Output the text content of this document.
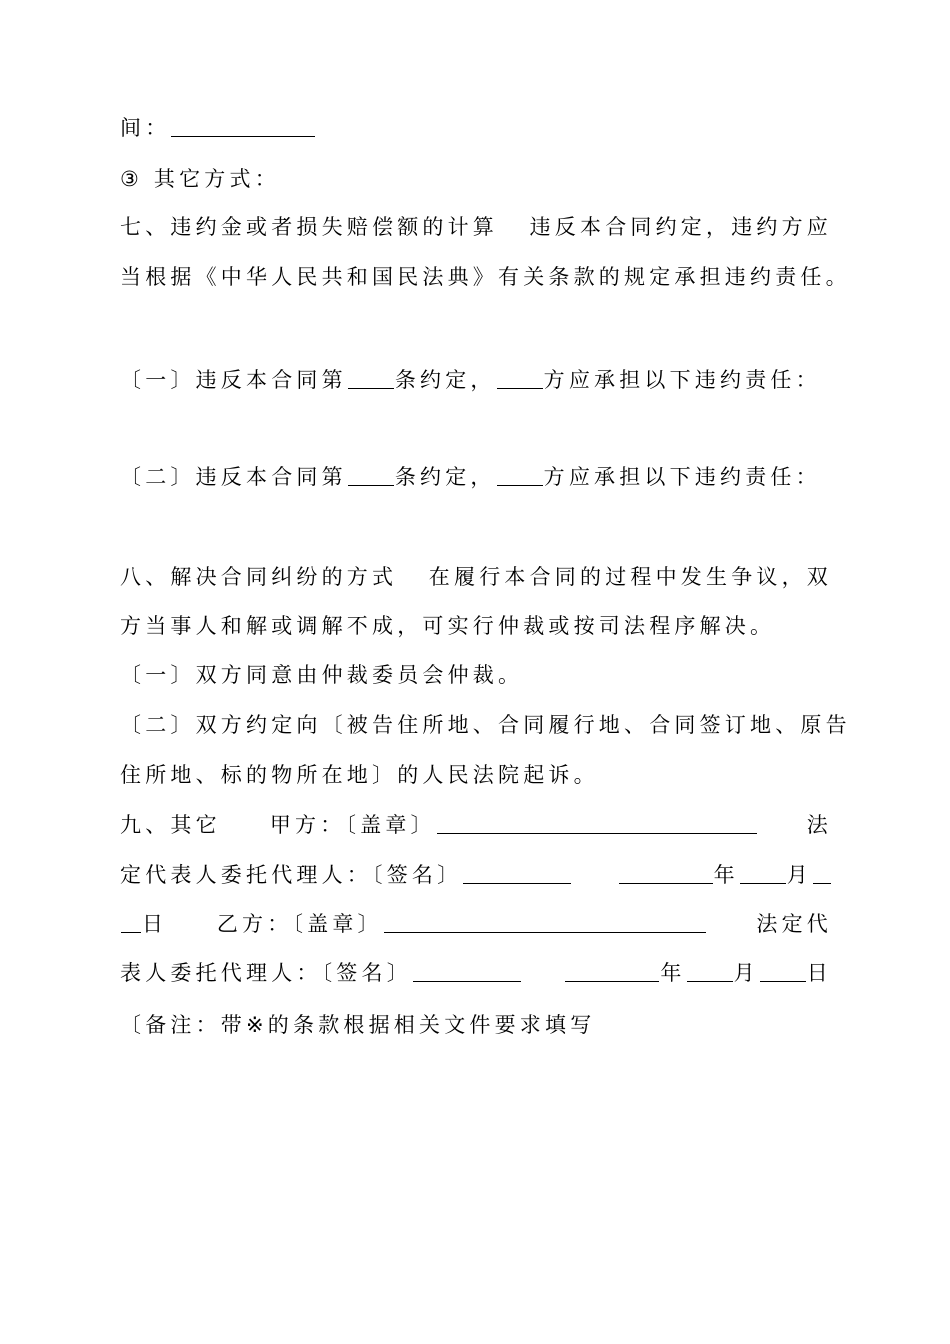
间：
③ 其它方式：
七、违约金或者损失赔偿额的计算 违反本合同约定，违约方应
当根据《中华人民共和国民法典》有关条款的规定承担违约责任。
〔一〕违反本合同第 条约定， 方应承担以下违约责任：
〔二〕违反本合同第 条约定， 方应承担以下违约责任：
八、解决合同纠纷的方式 在履行本合同的过程中发生争议，双
方当事人和解或调解不成，可实行仲裁或按司法程序解决。
〔一〕双方同意由仲裁委员会仲裁。
〔二〕双方约定向〔被告住所地、合同履行地、合同签订地、原告
住所地、标的物所在地〕的人民法院起诉。
九、其它 甲方：〔盖章〕	法
定代表人委托代理人：〔签名〕	年 月
日 乙方：〔盖章〕	法定代
表人委托代理人：〔签名〕	年 月 日
〔备注：带※的条款根据相关文件要求填写
